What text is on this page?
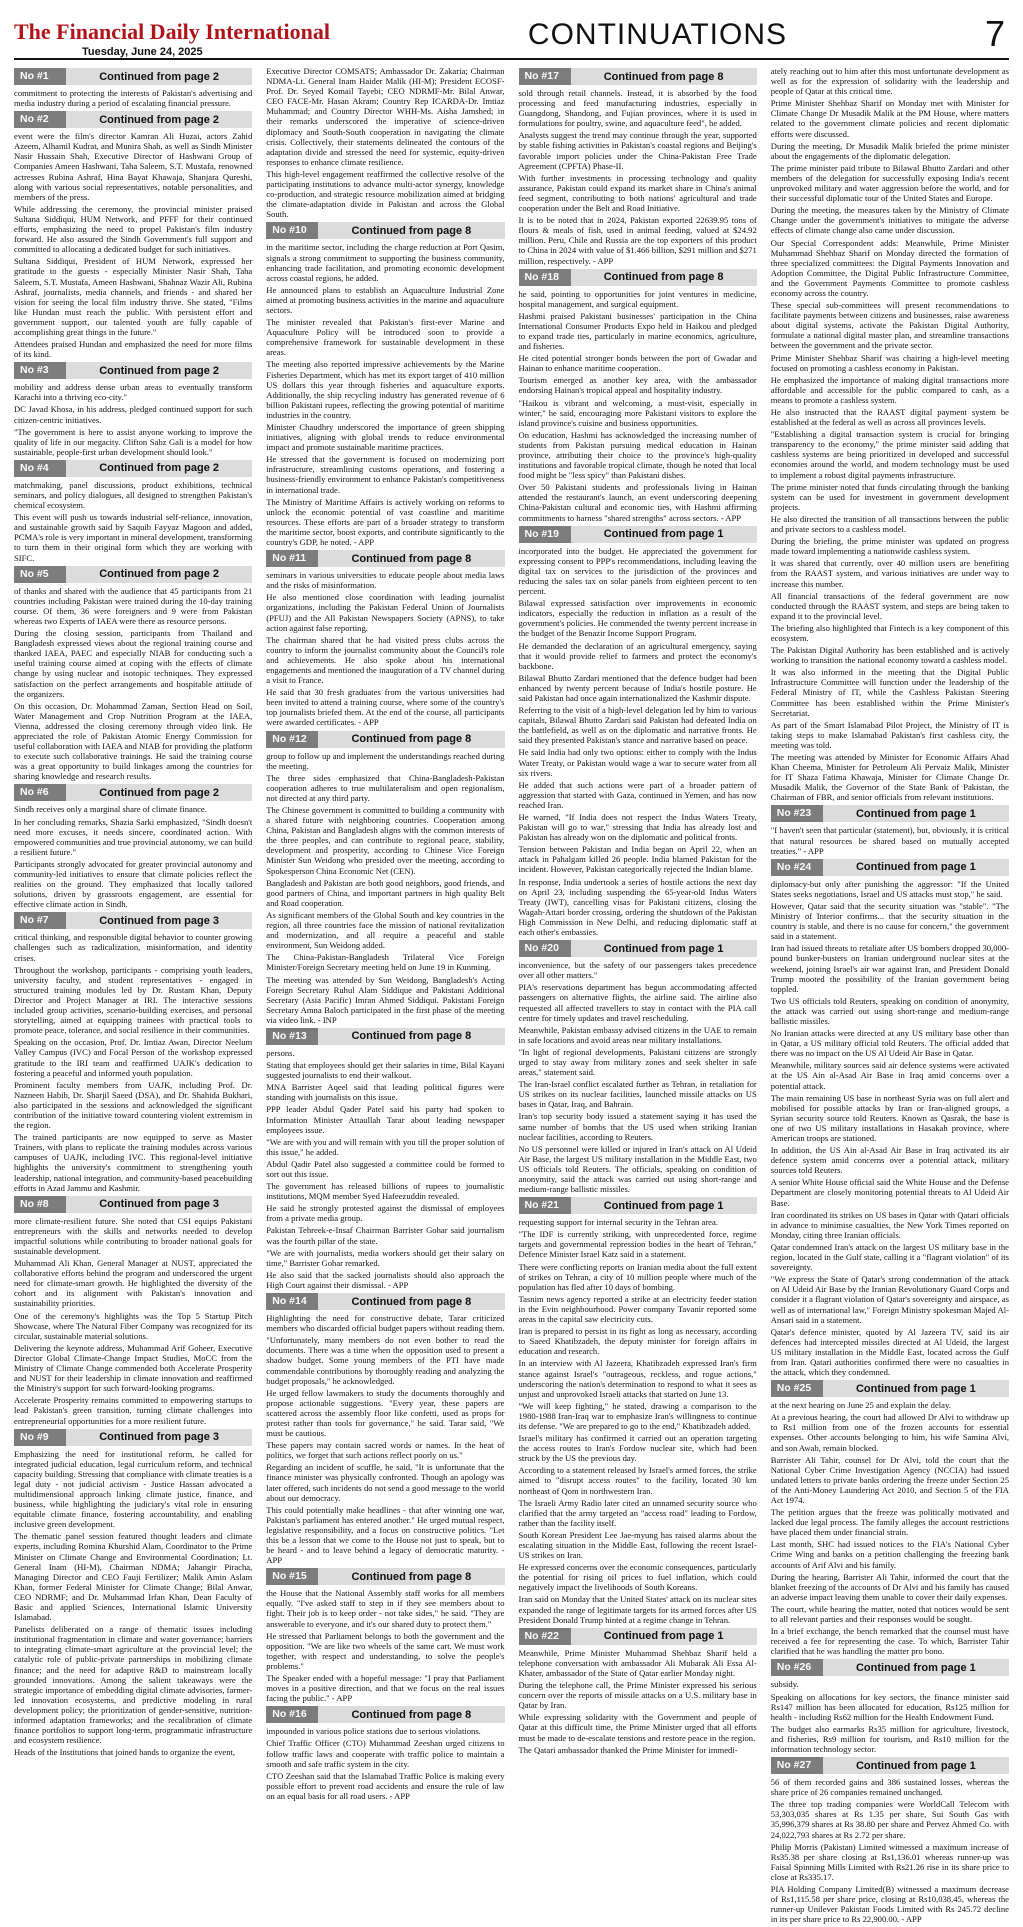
The Financial Daily International
Tuesday, June 24, 2025
CONTINUATIONS	7
No #1	Continued from page 2

commitment to protecting the interests of Pakistan's advertising and media industry during a period of escalating financial pressure.

No #2	Continued from page 2

event were the film's director Kamran Ali Huzai, actors Zahid Azeem, Alhamil Kudrat, and Munira Shah, as well as Sindh Minister Nasir Hussain Shah, Executive Director of Hashwani Group of Companies Ameen Hashwani, Taha Saleem, S.T. Mustafa, renowned actresses Rubina Ashraf, Hina Bayat Khawaja, Shanjara Qureshi, along with various social representatives, notable personalities, and members of the press.

While addressing the ceremony, the provincial minister praised Sultana Siddiqui, HUM Network, and PFFF for their continued efforts, emphasizing the need to propel Pakistan's film industry forward. He also assured the Sindh Government's full support and committed to allocating a dedicated budget for such initiatives.

Sultana Siddiqui, President of HUM Network, expressed her gratitude to the guests - especially Minister Nasir Shah, Taha Saleem, S.T. Mustafa, Ameen Hashwani, Shahnaz Wazir Ali, Rubina Ashraf, journalists, media channels, and friends - and shared her vision for seeing the local film industry thrive. She stated, "Films like Hundan must reach the public. With persistent effort and government support, our talented youth are fully capable of accomplishing great things in the future."

Attendees praised Hundan and emphasized the need for more films of its kind.

No #3	Continued from page 2

mobility and address dense urban areas to eventually transform Karachi into a thriving eco-city."

DC Javad Khosa, in his address, pledged continued support for such citizen-centric initiatives.

"The government is here to assist anyone working to improve the quality of life in our megacity. Clifton Sabz Gali is a model for how sustainable, people-first urban development should look."

No #4	Continued from page 2

matchmaking, panel discussions, product exhibitions, technical seminars, and policy dialogues, all designed to strengthen Pakistan's chemical ecosystem.

This event will push us towards industrial self-reliance, innovation, and sustainable growth said by Saquib Fayyaz Magoon and added, PCMA's role is very important in mineral development, transforming to turn them in their original form which they are working with SIFC.

No #5	Continued from page 2

of thanks and shared with the audience that 45 participants from 21 countries including Pakistan were trained during the 10-day training course. Of them, 36 were foreigners and 9 were from Pakistan whereas two Experts of IAEA were there as resource persons.

During the closing session, participants from Thailand and Bangladesh expressed views about the regional training course and thanked IAEA, PAEC and especially NIAB for conducting such a useful training course aimed at coping with the effects of climate change by using nuclear and isotopic techniques. They expressed satisfaction on the perfect arrangements and hospitable attitude of the organizers.

On this occasion, Dr. Mohammad Zaman, Section Head on Soil, Water Management and Crop Nutrition Program at the IAEA, Vienna, addressed the closing ceremony through video link. He appreciated the role of Pakistan Atomic Energy Commission for useful collaboration with IAEA and NIAB for providing the platform to execute such collaborative trainings. He said the training course was a great opportunity to build linkages among the countries for sharing knowledge and research results.

No #6	Continued from page 2

Sindh receives only a marginal share of climate finance.

In her concluding remarks, Shazia Sarki emphasized, "Sindh doesn't need more excuses, it needs sincere, coordinated action. With empowered communities and true provincial autonomy, we can build a resilient future."

Participants strongly advocated for greater provincial autonomy and community-led initiatives to ensure that climate policies reflect the realities on the ground. They emphasized that locally tailored solutions, driven by grassroots engagement, are essential for effective climate action in Sindh.

No #7	Continued from page 3

critical thinking, and responsible digital behavior to counter growing challenges such as radicalization, misinformation, and identity crises.

Throughout the workshop, participants - comprising youth leaders, university faculty, and student representatives - engaged in structured training modules led by Dr. Rustam Khan, Deputy Director and Project Manager at IRI. The interactive sessions included group activities, scenario-building exercises, and personal storytelling, aimed at equipping trainees with practical tools to promote peace, tolerance, and social resilience in their communities.

Speaking on the occasion, Prof. Dr. Imtiaz Awan, Director Neelum Valley Campus (IVC) and Focal Person of the workshop expressed gratitude to the IRI team and reaffirmed UAJK's dedication to fostering a peaceful and informed youth population.

Prominent faculty members from UAJK, including Prof. Dr. Nazneen Habib, Dr. Sharjil Saeed (DSA), and Dr. Shahida Bukhari, also participated in the sessions and acknowledged the significant contribution of the initiative toward countering violent extremism in the region.

The trained participants are now equipped to serve as Master Trainers, with plans to replicate the training modules across various campuses of UAJK, including IVC. This regional-level initiative highlights the university's commitment to strengthening youth leadership, national integration, and community-based peacebuilding efforts in Azad Jammu and Kashmir.

No #8	Continued from page 3

more climate-resilient future. She noted that CSI equips Pakistani entrepreneurs with the skills and networks needed to develop impactful solutions while contributing to broader national goals for sustainable development.

Muhammad Ali Khan, General Manager at NUST, appreciated the collaborative efforts behind the program and underscored the urgent need for climate-smart growth. He highlighted the diversity of the cohort and its alignment with Pakistan's innovation and sustainability priorities.

One of the ceremony's highlights was the Top 5 Startup Pitch Showcase, where The Natural Fiber Company was recognized for its circular, sustainable material solutions.

Delivering the keynote address, Muhammad Arif Goheer, Executive Director Global Climate-Change Impact Studies, MoCC from the Ministry of Climate Change commended both Accelerate Prosperity and NUST for their leadership in climate innovation and reaffirmed the Ministry's support for such forward-looking programs.

Accelerate Prosperity remains committed to empowering startups to lead Pakistan's green transition, turning climate challenges into entrepreneurial opportunities for a more resilient future.

No #9	Continued from page 3

Emphasizing the need for institutional reform, he called for integrated judicial education, legal curriculum reform, and technical capacity building. Stressing that compliance with climate treaties is a legal duty - not judicial activism - Justice Hassan advocated a multidimensional approach linking climate justice, finance, and business, while highlighting the judiciary's vital role in ensuring equitable climate finance, fostering accountability, and enabling inclusive green development.

The thematic panel session featured thought leaders and climate experts, including Romina Khurshid Alam, Coordinator to the Prime Minister on Climate Change and Environmental Coordination; Lt. General Inam (HI-M), Chairman NDMA; Jahangir Piracha, Managing Director and CEO Fauji Fertilizer; Malik Amin Aslam Khan, former Federal Minister for Climate Change; Bilal Anwar, CEO NDRMF; and Dr. Muhammad Irfan Khan, Dean Faculty of Basic and applied Sciences, International Islamic University Islamabad.

Panelists deliberated on a range of thematic issues including institutional fragmentation in climate and water governance; barriers to integrating climate-smart agriculture at the provincial level; the catalytic role of public-private partnerships in mobilizing climate finance; and the need for adaptive R&D to mainstream locally grounded innovations. Among the salient takeaways were the strategic importance of embedding digital climate advisories, farmer-led innovation ecosystems, and predictive modeling in rural development policy; the prioritization of gender-sensitive, nutrition-informed adaptation frameworks; and the recalibration of climate finance portfolios to support long-term, programmatic infrastructure and ecosystem resilience.

Heads of the Institutions that joined hands to organize the event,

Executive Director COMSATS; Ambassador Dr. Zakaria; Chairman NDMA-Lt. General Inam Haider Malik (HI-M); President ECOSF-Prof. Dr. Seyed Komail Tayebi; CEO NDRMF-Mr. Bilal Anwar, CEO FACE-Mr. Hasan Akram; Country Rep ICARDA-Dr. Imtiaz Muhammad; and Country Director WHH-Ms. Aisha Jamshed; in their remarks underscored the imperative of science-driven diplomacy and South-South cooperation in navigating the climate crisis. Collectively, their statements delineated the contours of the adaptation divide and stressed the need for systemic, equity-driven responses to enhance climate resilience.

This high-level engagement reaffirmed the collective resolve of the participating institutions to advance multi-actor synergy, knowledge co-production, and strategic resource mobilization aimed at bridging the climate-adaptation divide in Pakistan and across the Global South.

No #10	Continued from page 8

in the maritime sector, including the charge reduction at Port Qasim, signals a strong commitment to supporting the business community, enhancing trade facilitation, and promoting economic development across coastal regions, he added.

He announced plans to establish an Aquaculture Industrial Zone aimed at promoting business activities in the marine and aquaculture sectors.

The minister revealed that Pakistan's first-ever Marine and Aquaculture Policy will be introduced soon to provide a comprehensive framework for sustainable development in these areas.

The meeting also reported impressive achievements by the Marine Fisheries Department, which has met its export target of 410 million US dollars this year through fisheries and aquaculture exports. Additionally, the ship recycling industry has generated revenue of 6 billion Pakistani rupees, reflecting the growing potential of maritime industries in the country.

Minister Chaudhry underscored the importance of green shipping initiatives, aligning with global trends to reduce environmental impact and promote sustainable maritime practices.

He stressed that the government is focused on modernizing port infrastructure, streamlining customs operations, and fostering a business-friendly environment to enhance Pakistan's competitiveness in international trade.

The Ministry of Maritime Affairs is actively working on reforms to unlock the economic potential of vast coastline and maritime resources. These efforts are part of a broader strategy to transform the maritime sector, boost exports, and contribute significantly to the country's GDP, he noted. - APP

No #11	Continued from page 8

seminars in various universities to educate people about media laws and the risks of misinformation.

He also mentioned close coordination with leading journalist organizations, including the Pakistan Federal Union of Journalists (PFUJ) and the All Pakistan Newspapers Society (APNS), to take action against false reporting.

The chairman shared that he had visited press clubs across the country to inform the journalist community about the Council's role and achievements. He also spoke about his international engagements and mentioned the inauguration of a TV channel during a visit to France.

He said that 30 fresh graduates from the various universities had been invited to attend a training course, where some of the country's top journalists briefed them. At the end of the course, all participants were awarded certificates. - APP

No #12	Continued from page 8

group to follow up and implement the understandings reached during the meeting.

The three sides emphasized that China-Bangladesh-Pakistan cooperation adheres to true multilateralism and open regionalism, not directed at any third party.

The Chinese government is committed to building a community with a shared future with neighboring countries. Cooperation among China, Pakistan and Bangladesh aligns with the common interests of the three peoples, and can contribute to regional peace, stability, development and prosperity, according to Chinese Vice Foreign Minister Sun Weidong who presided over the meeting, according to Spokesperson China Economic Net (CEN).

Bangladesh and Pakistan are both good neighbors, good friends, and good partners of China, and important partners in high quality Belt and Road cooperation.

As significant members of the Global South and key countries in the region, all three countries face the mission of national revitalization and modernization, and all require a peaceful and stable environment, Sun Weidong added.

The China-Pakistan-Bangladesh Trilateral Vice Foreign Minister/Foreign Secretary meeting held on June 19 in Kunming.

The meeting was attended by Sun Weidong, Bangladesh's Acting Foreign Secretary Ruhul Alam Siddique and Pakistani Additional Secretary (Asia Pacific) Imran Ahmed Siddiqui. Pakistani Foreign Secretary Amna Baloch participated in the first phase of the meeting via video link. - INP

No #13	Continued from page 8

persons.

Stating that employees should get their salaries in time, Bilal Kayani suggested journalists to end their walkout.

MNA Barrister Aqeel said that leading political figures were standing with journalists on this issue.

PPP leader Abdul Qader Patel said his party had spoken to Information Minister Attaullah Tarar about leading newspaper employees issue.

"We are with you and will remain with you till the proper solution of this issue," he added.

Abdul Qadir Patel also suggested a committee could be formed to sort out this issue.

The government has released billions of rupees to journalistic institutions, MQM member Syed Hafeezuddin revealed.

He said he strongly protested against the dismissal of employees from a private media group.

Pakistan Tehreek-e-Insaf Chairman Barrister Gohar said journalism was the fourth pillar of the state.

"We are with journalists, media workers should get their salary on time," Barrister Gohar remarked.

He also said that the sacked journalists should also approach the High Court against their dismissal. - APP

No #14	Continued from page 8

Highlighting the need for constructive debate, Tarar criticized members who discarded official budget papers without reading them.

"Unfortunately, many members do not even bother to read the documents. There was a time when the opposition used to present a shadow budget. Some young members of the PTI have made commendable contributions by thoroughly reading and analyzing the budget proposals," he acknowledged.

He urged fellow lawmakers to study the documents thoroughly and propose actionable suggestions. "Every year, these papers are scattered across the assembly floor like confetti, used as props for protest rather than tools for governance," he said. Tarar said, "We must be cautious.

These papers may contain sacred words or names. In the heat of politics, we forget that such actions reflect poorly on us."

Regarding an incident of scuffle, he said, "It is unfortunate that the finance minister was physically confronted. Though an apology was later offered, such incidents do not send a good message to the world about our democracy.

This could potentially make headlines - that after winning one war, Pakistan's parliament has entered another." He urged mutual respect, legislative responsibility, and a focus on constructive politics. "Let this be a lesson that we come to the House not just to speak, but to be heard - and to leave behind a legacy of democratic maturity. - APP

No #15	Continued from page 8

the House that the National Assembly staff works for all members equally. "I've asked staff to step in if they see members about to fight. Their job is to keep order - not take sides," he said. "They are answerable to everyone, and it's our shared duty to protect them."

He stressed that Parliament belongs to both the government and the opposition. "We are like two wheels of the same cart. We must work together, with respect and understanding, to solve the people's problems."

The Speaker ended with a hopeful message: "I pray that Parliament moves in a positive direction, and that we focus on the real issues facing the public." - APP

No #16	Continued from page 8

impounded in various police stations due to serious violations.

Chief Traffic Officer (CTO) Muhammad Zeeshan urged citizens to follow traffic laws and cooperate with traffic police to maintain a smooth and safe traffic system in the city.

CTO Zeeshan said that the Islamabad Traffic Police is making every possible effort to prevent road accidents and ensure the rule of law on an equal basis for all road users. - APP

No #17	Continued from page 8

sold through retail channels. Instead, it is absorbed by the food processing and feed manufacturing industries, especially in Guangdong, Shandong, and Fujian provinces, where it is used in formulations for poultry, swine, and aquaculture feed", he added.

Analysts suggest the trend may continue through the year, supported by stable fishing activities in Pakistan's coastal regions and Beijing's favorable import policies under the China-Pakistan Free Trade Agreement (CPFTA) Phase-II.

With further investments in processing technology and quality assurance, Pakistan could expand its market share in China's animal feed segment, contributing to both nations' agricultural and trade cooperation under the Belt and Road Initiative.

It is to be noted that in 2024, Pakistan exported 22639.95 tons of flours & meals of fish, used in animal feeding, valued at $24.92 million. Peru, Chile and Russia are the top exporters of this product to China in 2024 with value of $1.466 billion, $291 million and $271 million, respectively. - APP

No #18	Continued from page 8

he said, pointing to opportunities for joint ventures in medicine, hospital management, and surgical equipment.

Hashmi praised Pakistani businesses' participation in the China International Consumer Products Expo held in Haikou and pledged to expand trade ties, particularly in marine economics, agriculture, and fisheries.

He cited potential stronger bonds between the port of Gwadar and Hainan to enhance maritime cooperation.

Tourism emerged as another key area, with the ambassador endorsing Hainan's tropical appeal and hospitality industry.

"Haikou is vibrant and welcoming, a must-visit, especially in winter," he said, encouraging more Pakistani visitors to explore the island province's cuisine and business opportunities.

On education, Hashmi has acknowledged the increasing number of students from Pakistan pursuing medical education in Hainan province, attributing their choice to the province's high-quality institutions and favorable tropical climate, though he noted that local food might be "less spicy" than Pakistani dishes.

Over 50 Pakistani students and professionals living in Hainan attended the restaurant's launch, an event underscoring deepening China-Pakistan cultural and economic ties, with Hashmi affirming commitments to harness "shared strengths" across sectors. - APP

No #19	Continued from page 1

incorporated into the budget. He appreciated the government for expressing consent to PPP's recommendations, including leaving the digital tax on services to the jurisdiction of the provinces and reducing the sales tax on solar panels from eighteen percent to ten percent.

Bilawal expressed satisfaction over improvements in economic indicators, especially the reduction in inflation as a result of the government's policies. He commended the twenty percent increase in the budget of the Benazir Income Support Program.

He demanded the declaration of an agricultural emergency, saying that it would provide relief to farmers and protect the economy's backbone.

Bilawal Bhutto Zardari mentioned that the defence budget had been enhanced by twenty percent because of India's hostile posture. He said Pakistan had once again internationalized the Kashmir dispute.

Referring to the visit of a high-level delegation led by him to various capitals, Bilawal Bhutto Zardari said Pakistan had defeated India on the battlefield, as well as on the diplomatic and narrative fronts. He said they presented Pakistan's stance and narrative based on peace.

He said India had only two options: either to comply with the Indus Water Treaty, or Pakistan would wage a war to secure water from all six rivers.

He added that such actions were part of a broader pattern of aggression that started with Gaza, continued in Yemen, and has now reached Iran.

He warned, "If India does not respect the Indus Waters Treaty, Pakistan will go to war," stressing that India has already lost and Pakistan has already won on the diplomatic and political fronts.

Tension between Pakistan and India began on April 22, when an attack in Pahalgam killed 26 people. India blamed Pakistan for the incident. However, Pakistan categorically rejected the Indian blame.

In response, India undertook a series of hostile actions the next day on April 23, including suspending the 65-year-old Indus Waters Treaty (IWT), cancelling visas for Pakistani citizens, closing the Wagah-Attari border crossing, ordering the shutdown of the Pakistan High Commission in New Delhi, and reducing diplomatic staff at each other's embassies.

No #20	Continued from page 1

inconvenience, but the safety of our passengers takes precedence over all other matters."

PIA's reservations department has begun accommodating affected passengers on alternative flights, the airline said. The airline also requested all affected travellers to stay in contact with the PIA call centre for timely updates and travel rescheduling.

Meanwhile, Pakistan embassy advised citizens in the UAE to remain in safe locations and avoid areas near military installations.

"In light of regional developments, Pakistani citizens are strongly urged to stay away from military zones and seek shelter in safe areas," statement said.

The Iran-Israel conflict escalated further as Tehran, in retaliation for US strikes on its nuclear facilities, launched missile attacks on US bases in Qatar, Iraq, and Bahrain.

Iran's top security body issued a statement saying it has used the same number of bombs that the US used when striking Iranian nuclear facilities, according to Reuters.

No US personnel were killed or injured in Iran's attack on Al Udeid Air Base, the largest US military installation in the Middle East, two US officials told Reuters. The officials, speaking on condition of anonymity, said the attack was carried out using short-range and medium-range ballistic missiles.

No #21	Continued from page 1

requesting support for internal security in the Tehran area.

"The IDF is currently striking, with unprecedented force, regime targets and governmental repression bodies in the heart of Tehran," Defence Minister Israel Katz said in a statement.

There were conflicting reports on Iranian media about the full extent of strikes on Tehran, a city of 10 million people where much of the population has fled after 10 days of bombing.

Tasnim news agency reported a strike at an electricity feeder station in the Evin neighbourhood. Power company Tavanir reported some areas in the capital saw electricity cuts.

Iran is prepared to persist in its fight as long as necessary, according to Saeed Khatibzadeh, the deputy minister for foreign affairs in education and research.

In an interview with Al Jazeera, Khatibzadeh expressed Iran's firm stance against Israel's "outrageous, reckless, and rogue actions," underscoring the nation's determination to respond to what it sees as unjust and unprovoked Israeli attacks that started on June 13.

"We will keep fighting," he stated, drawing a comparison to the 1980-1988 Iran-Iraq war to emphasize Iran's willingness to continue its defense. "We are prepared to go to the end," Khatibzadeh added.

Israel's military has confirmed it carried out an operation targeting the access routes to Iran's Fordow nuclear site, which had been struck by the US the previous day.

According to a statement released by Israel's armed forces, the strike aimed to "disrupt access routes" to the facility, located 30 km northeast of Qom in northwestern Iran.

The Israeli Army Radio later cited an unnamed security source who clarified that the army targeted an "access road" leading to Fordow, rather than the facility itself.

South Korean President Lee Jae-myung has raised alarms about the escalating situation in the Middle East, following the recent Israel-US strikes on Iran.

He expressed concerns over the economic consequences, particularly the potential for rising oil prices to fuel inflation, which could negatively impact the livelihoods of South Koreans.

Iran said on Monday that the United States' attack on its nuclear sites expanded the range of legitimate targets for its armed forces after US President Donald Trump hinted at a regime change in Tehran.

No #22	Continued from page 1

Meanwhile, Prime Minister Muhammad Shehbaz Sharif held a telephone conversation with ambassador Ali Mubarak Ali Essa Al-Khater, ambassador of the State of Qatar earlier Monday night.

During the telephone call, the Prime Minister expressed his serious concern over the reports of missile attacks on a U.S. military base in Qatar by Iran.

While expressing solidarity with the Government and people of Qatar at this difficult time, the Prime Minister urged that all efforts must be made to de-escalate tensions and restore peace in the region.

The Qatari ambassador thanked the Prime Minister for immedi-

ately reaching out to him after this most unfortunate development as well as for the expression of solidarity with the leadership and people of Qatar at this critical time.

Prime Minister Shehbaz Sharif on Monday met with Minister for Climate Change Dr Musadik Malik at the PM House, where matters related to the government climate policies and recent diplomatic efforts were discussed.

During the meeting, Dr Musadik Malik briefed the prime minister about the engagements of the diplomatic delegation.

The prime minister paid tribute to Bilawal Bhutto Zardari and other members of the delegation for successfully exposing India's recent unprovoked military and water aggression before the world, and for their successful diplomatic tour of the United States and Europe.

During the meeting, the measures taken by the Ministry of Climate Change under the government's initiatives to mitigate the adverse effects of climate change also came under discussion.

Our Special Correspondent adds: Meanwhile, Prime Minister Muhammad Shehbaz Sharif on Monday directed the formation of three specialized committees: the Digital Payments Innovation and Adoption Committee, the Digital Public Infrastructure Committee, and the Government Payments Committee to promote cashless economy across the country.

These special sub-committees will present recommendations to facilitate payments between citizens and businesses, raise awareness about digital systems, activate the Pakistan Digital Authority, formulate a national digital master plan, and streamline transactions between the government and the private sector.

Prime Minister Shehbaz Sharif was chairing a high-level meeting focused on promoting a cashless economy in Pakistan.

He emphasized the importance of making digital transactions more affordable and accessible for the public compared to cash, as a means to promote a cashless system.

He also instructed that the RAAST digital payment system be established at the federal as well as across all provinces levels.

"Establishing a digital transaction system is crucial for bringing transparency to the economy," the prime minister said adding that cashless systems are being prioritized in developed and successful economies around the world, and modern technology must be used to implement a robust digital payments infrastructure.

The prime minister noted that funds circulating through the banking system can be used for investment in government development projects.

He also directed the transition of all transactions between the public and private sectors to a cashless model.

During the briefing, the prime minister was updated on progress made toward implementing a nationwide cashless system.

It was shared that currently, over 40 million users are benefiting from the RAAST system, and various initiatives are under way to increase this number.

All financial transactions of the federal government are now conducted through the RAAST system, and steps are being taken to expand it to the provincial level.

The briefing also highlighted that Fintech is a key component of this ecosystem.

The Pakistan Digital Authority has been established and is actively working to transition the national economy toward a cashless model.

It was also informed in the meeting that the Digital Public Infrastructure Committee will function under the leadership of the Federal Ministry of IT, while the Cashless Pakistan Steering Committee has been established within the Prime Minister's Secretariat.

As part of the Smart Islamabad Pilot Project, the Ministry of IT is taking steps to make Islamabad Pakistan's first cashless city, the meeting was told.

The meeting was attended by Minister for Economic Affairs Ahad Khan Cheema, Minister for Petroleum Ali Pervaiz Malik, Minister for IT Shaza Fatima Khawaja, Minister for Climate Change Dr. Musadik Malik, the Governor of the State Bank of Pakistan, the Chairman of FBR, and senior officials from relevant institutions.

No #23	Continued from page 1

"I haven't seen that particular (statement), but, obviously, it is critical that natural resources be shared based on mutually accepted treaties." - APP

No #24	Continued from page 1

diplomacy-but only after punishing the aggressor: "If the United States seeks negotiations, Israel and US attacks must stop," he said.

However, Qatar said that the security situation was "stable". "The Ministry of Interior confirms... that the security situation in the country is stable, and there is no cause for concern," the government said in a statement.

Iran had issued threats to retaliate after US bombers dropped 30,000-pound bunker-busters on Iranian underground nuclear sites at the weekend, joining Israel's air war against Iran, and President Donald Trump mooted the possibility of the Iranian government being toppled.

Two US officials told Reuters, speaking on condition of anonymity, the attack was carried out using short-range and medium-range ballistic missiles.

No Iranian attacks were directed at any US military base other than in Qatar, a US military official told Reuters. The official added that there was no impact on the US Al Udeid Air Base in Qatar.

Meanwhile, military sources said air defence systems were activated at the US Ain al-Asad Air Base in Iraq amid concerns over a potential attack.

The main remaining US base in northeast Syria was on full alert and mobilised for possible attacks by Iran or Iran-aligned groups, a Syrian security source told Reuters. Known as Qasrak, the base is one of two US military installations in Hasakah province, where American troops are stationed.

In addition, the US Ain al-Asad Air Base in Iraq activated its air defence system amid concerns over a potential attack, military sources told Reuters.

A senior White House official said the White House and the Defense Department are closely monitoring potential threats to Al Udeid Air Base.

Iran coordinated its strikes on US bases in Qatar with Qatari officials in advance to minimise casualties, the New York Times reported on Monday, citing three Iranian officials.

Qatar condemned Iran's attack on the largest US military base in the region, located in the Gulf state, calling it a "flagrant violation" of its sovereignty.

"We express the State of Qatar's strong condemnation of the attack on Al Udeid Air Base by the Iranian Revolutionary Guard Corps and consider it a flagrant violation of Qatar's sovereignty and airspace, as well as of international law," Foreign Ministry spokesman Majed Al-Ansari said in a statement.

Qatar's defence minister, quoted by Al Jazeera TV, said its air defences had intercepted missiles directed at Al Udeid, the largest US military installation in the Middle East, located across the Gulf from Iran. Qatari authorities confirmed there were no casualties in the attack, which they condemned.

No #25	Continued from page 1

at the next hearing on June 25 and explain the delay.

At a previous hearing, the court had allowed Dr Alvi to withdraw up to Rs1 million from one of the frozen accounts for essential expenses. Other accounts belonging to him, his wife Samina Alvi, and son Awab, remain blocked.

Barrister Ali Tahir, counsel for Dr Alvi, told the court that the National Cyber Crime Investigation Agency (NCCIA) had issued undated letters to private banks ordering the freeze under Section 25 of the Anti-Money Laundering Act 2010, and Section 5 of the FIA Act 1974.

The petition argues that the freeze was politically motivated and lacked due legal process. The family alleges the account restrictions have placed them under financial strain.

Last month, SHC had issued notices to the FIA's National Cyber Crime Wing and banks on a petition challenging the freezing bank accounts of Arif Alvi and his family.

During the hearing, Barrister Ali Tahir, informed the court that the blanket freezing of the accounts of Dr Alvi and his family has caused an adverse impact leaving them unable to cover their daily expenses.

The court, while hearing the matter, noted that notices would be sent to all relevant parties and their responses would be sought.

In a brief exchange, the bench remarked that the counsel must have received a fee for representing the case. To which, Barrister Tahir clarified that he was handling the matter pro bono.

No #26	Continued from page 1

subsidy.

Speaking on allocations for key sectors, the finance minister said Rs147 million has been allocated for education, Rs125 million for health - including Rs62 million for the Health Endowment Fund.

The budget also earmarks Rs35 million for agriculture, livestock, and fisheries, Rs9 million for tourism, and Rs10 million for the information technology sector.

No #27	Continued from page 1

56 of them recorded gains and 386 sustained losses, whereas the share price of 26 companies remained unchanged.

The three top trading companies were WorldCall Telecom with 53,303,035 shares at Rs 1.35 per share, Sui South Gas with 35,996,379 shares at Rs 38.80 per share and Pervez Ahmed Co. with 24,022,793 shares at Rs 2.72 per share.

Philip Morris (Pakistan) Limited witnessed a maximum increase of Rs35.38 per share closing at Rs1,136.01 whereas runner-up was Faisal Spinning Mills Limited with Rs21.26 rise in its share price to close at Rs335.17.

PIA Holding Company Limited(B) witnessed a maximum decrease of Rs1,115.58 per share price, closing at Rs10,038.45, whereas the runner-up Unilever Pakistan Foods Limited with Rs 245.72 decline in its per share price to Rs 22,900.00. - APP
